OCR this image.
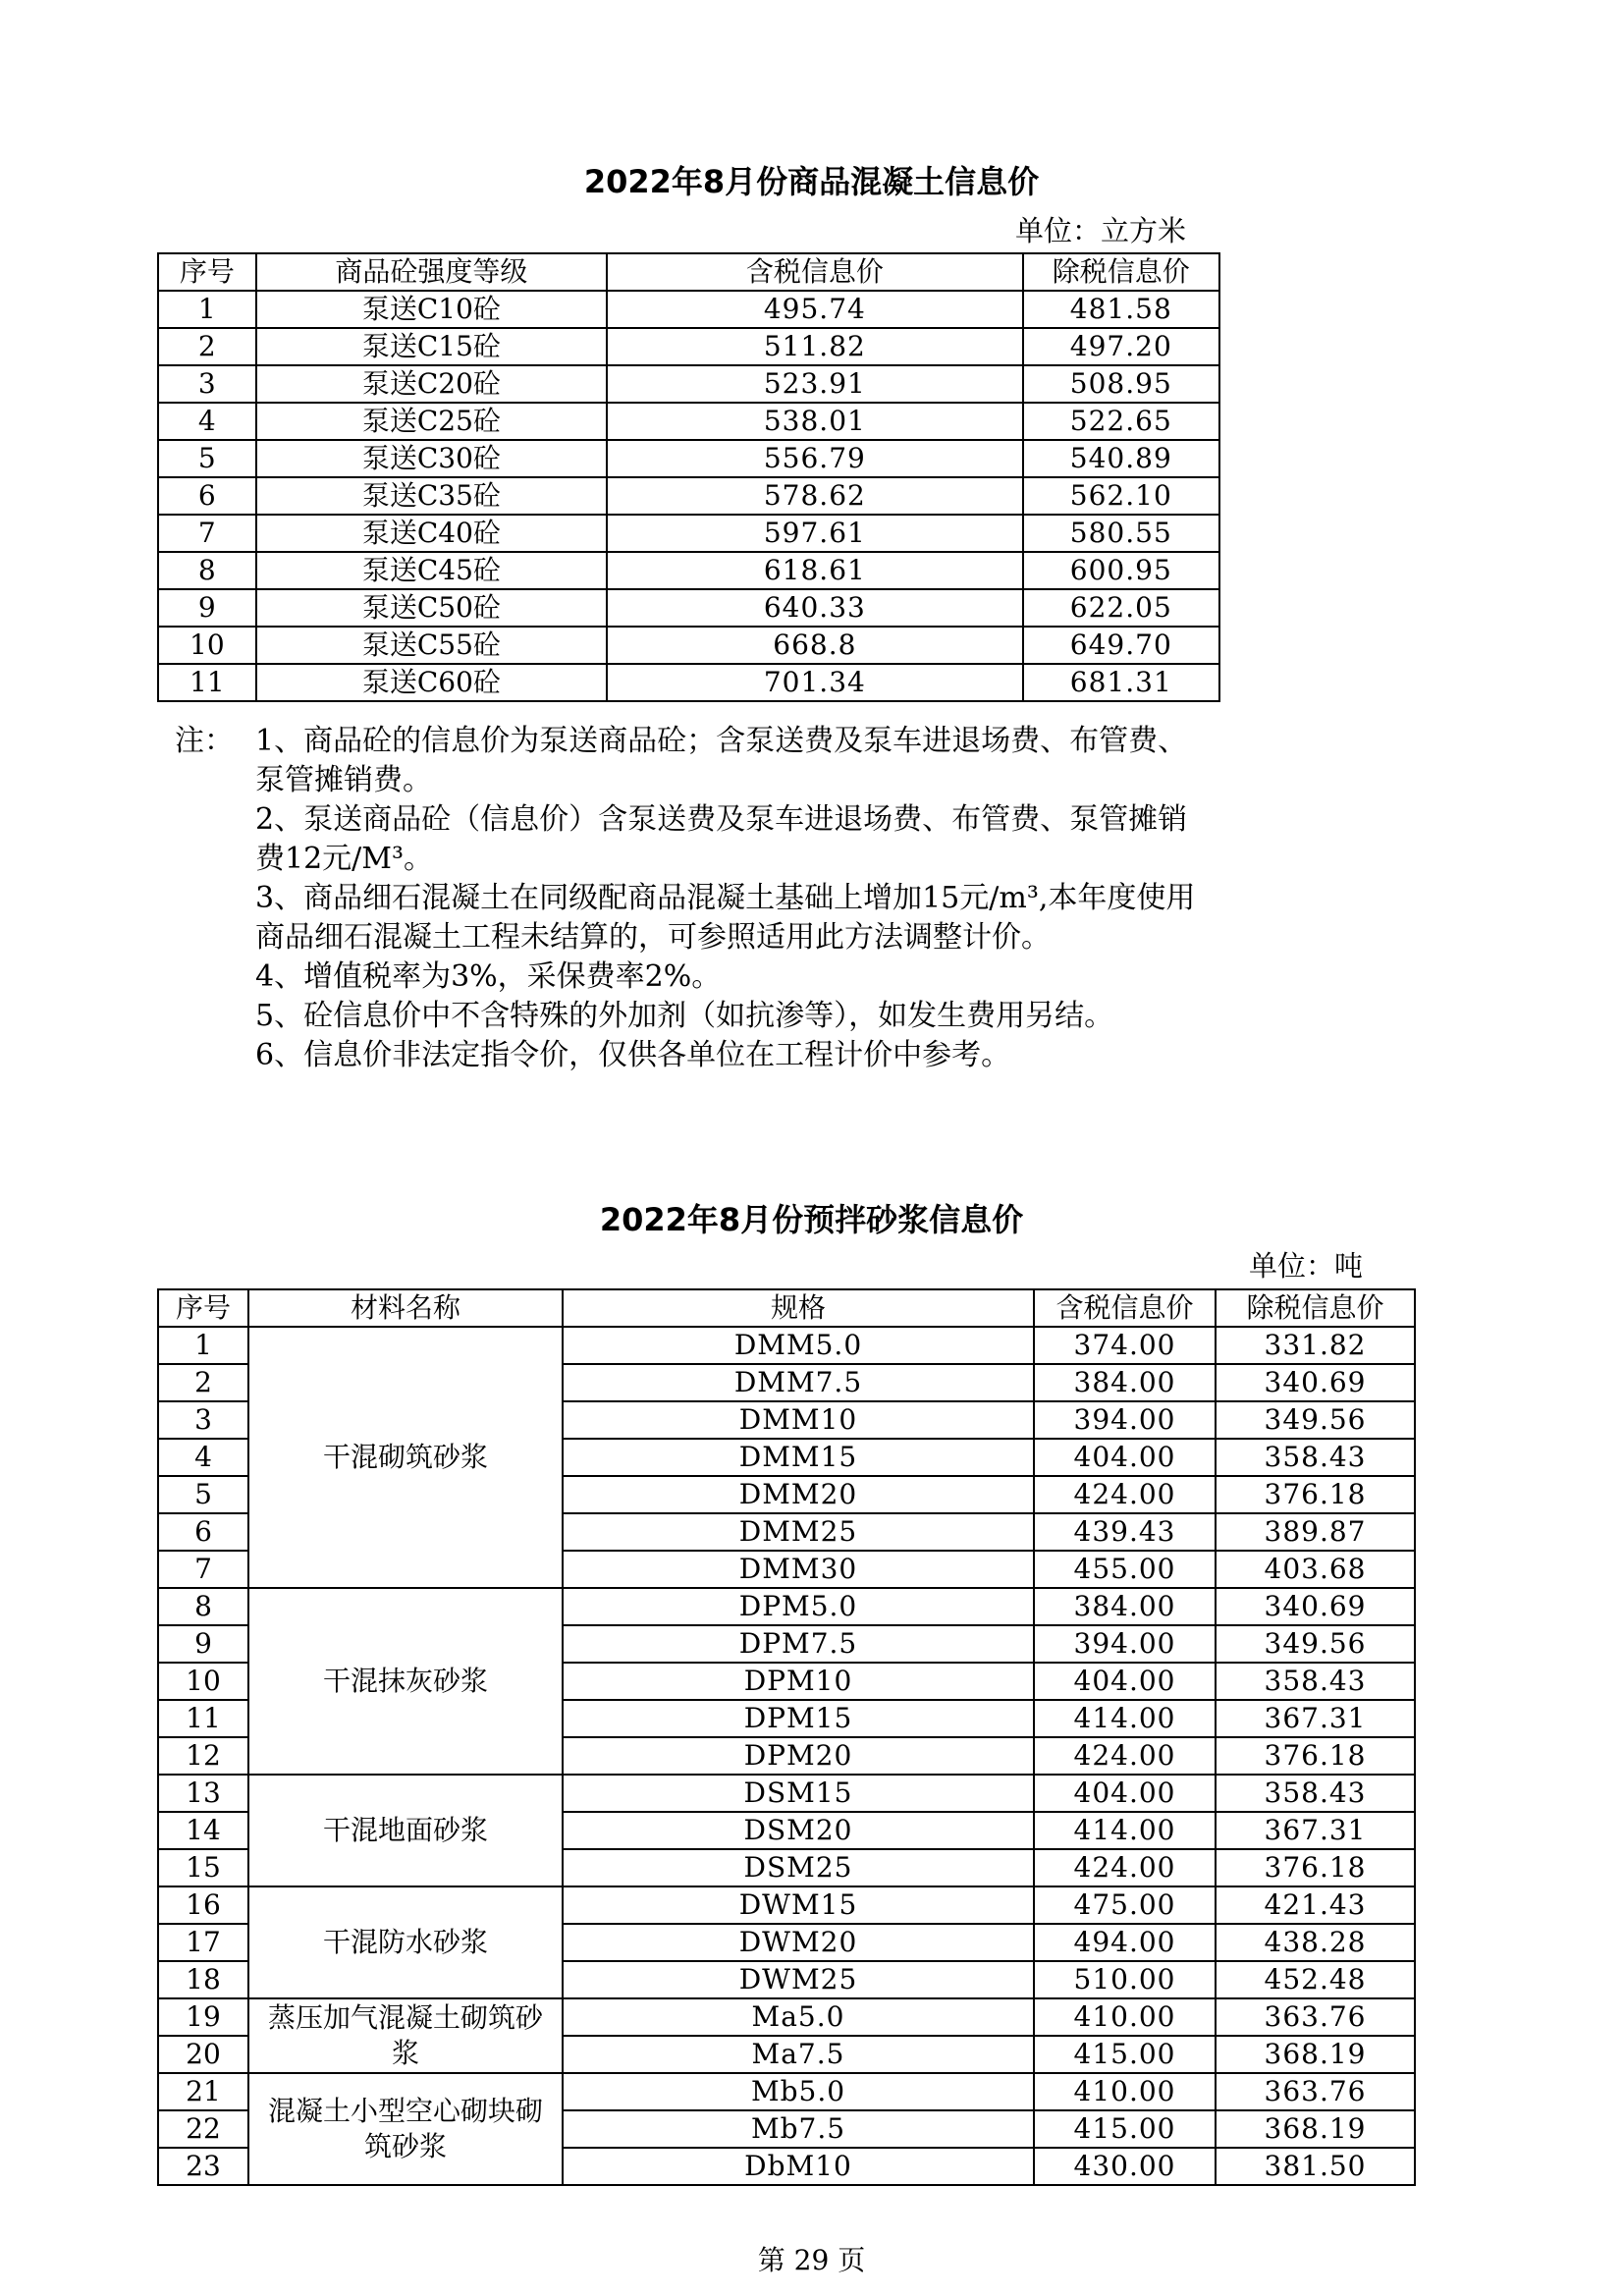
2022年8月份商品混凝土信息价
单位：立方米
序号	商品砼强度等级	含税信息价	除税信息价
1	泵送C10砼	495.74	481.58
2	泵送C15砼	511.82	497.20
3	泵送C20砼	523.91	508.95
4	泵送C25砼	538.01	522.65
5	泵送C30砼	556.79	540.89
6	泵送C35砼	578.62	562.10
7	泵送C40砼	597.61	580.55
8	泵送C45砼	618.61	600.95
9	泵送C50砼	640.33	622.05
10	泵送C55砼	668.8	649.70
11	泵送C60砼	701.34	681.31
注： 1、商品砼的信息价为泵送商品砼；含泵送费及泵车进退场费、布管费、泵管摊销费。
2、泵送商品砼（信息价）含泵送费及泵车进退场费、布管费、泵管摊销费12元/M³。
3、商品细石混凝土在同级配商品混凝土基础上增加15元/m³,本年度使用商品细石混凝土工程未结算的，可参照适用此方法调整计价。
4、增值税率为3%，采保费率2%。
5、砼信息价中不含特殊的外加剂（如抗渗等），如发生费用另结。
6、信息价非法定指令价，仅供各单位在工程计价中参考。
2022年8月份预拌砂浆信息价
单位：吨
序号	材料名称	规格	含税信息价	除税信息价
1	干混砌筑砂浆	DMM5.0	374.00	331.82
2		DMM7.5	384.00	340.69
3		DMM10	394.00	349.56
4		DMM15	404.00	358.43
5		DMM20	424.00	376.18
6		DMM25	439.43	389.87
7		DMM30	455.00	403.68
8	干混抹灰砂浆	DPM5.0	384.00	340.69
9		DPM7.5	394.00	349.56
10		DPM10	404.00	358.43
11		DPM15	414.00	367.31
12		DPM20	424.00	376.18
13	干混地面砂浆	DSM15	404.00	358.43
14		DSM20	414.00	367.31
15		DSM25	424.00	376.18
16	干混防水砂浆	DWM15	475.00	421.43
17		DWM20	494.00	438.28
18		DWM25	510.00	452.48
19	蒸压加气混凝土砌筑砂浆	Ma5.0	410.00	363.76
20		Ma7.5	415.00	368.19
21	混凝土小型空心砌块砌筑砂浆	Mb5.0	410.00	363.76
22		Mb7.5	415.00	368.19
23		DbM10	430.00	381.50
第 29 页
